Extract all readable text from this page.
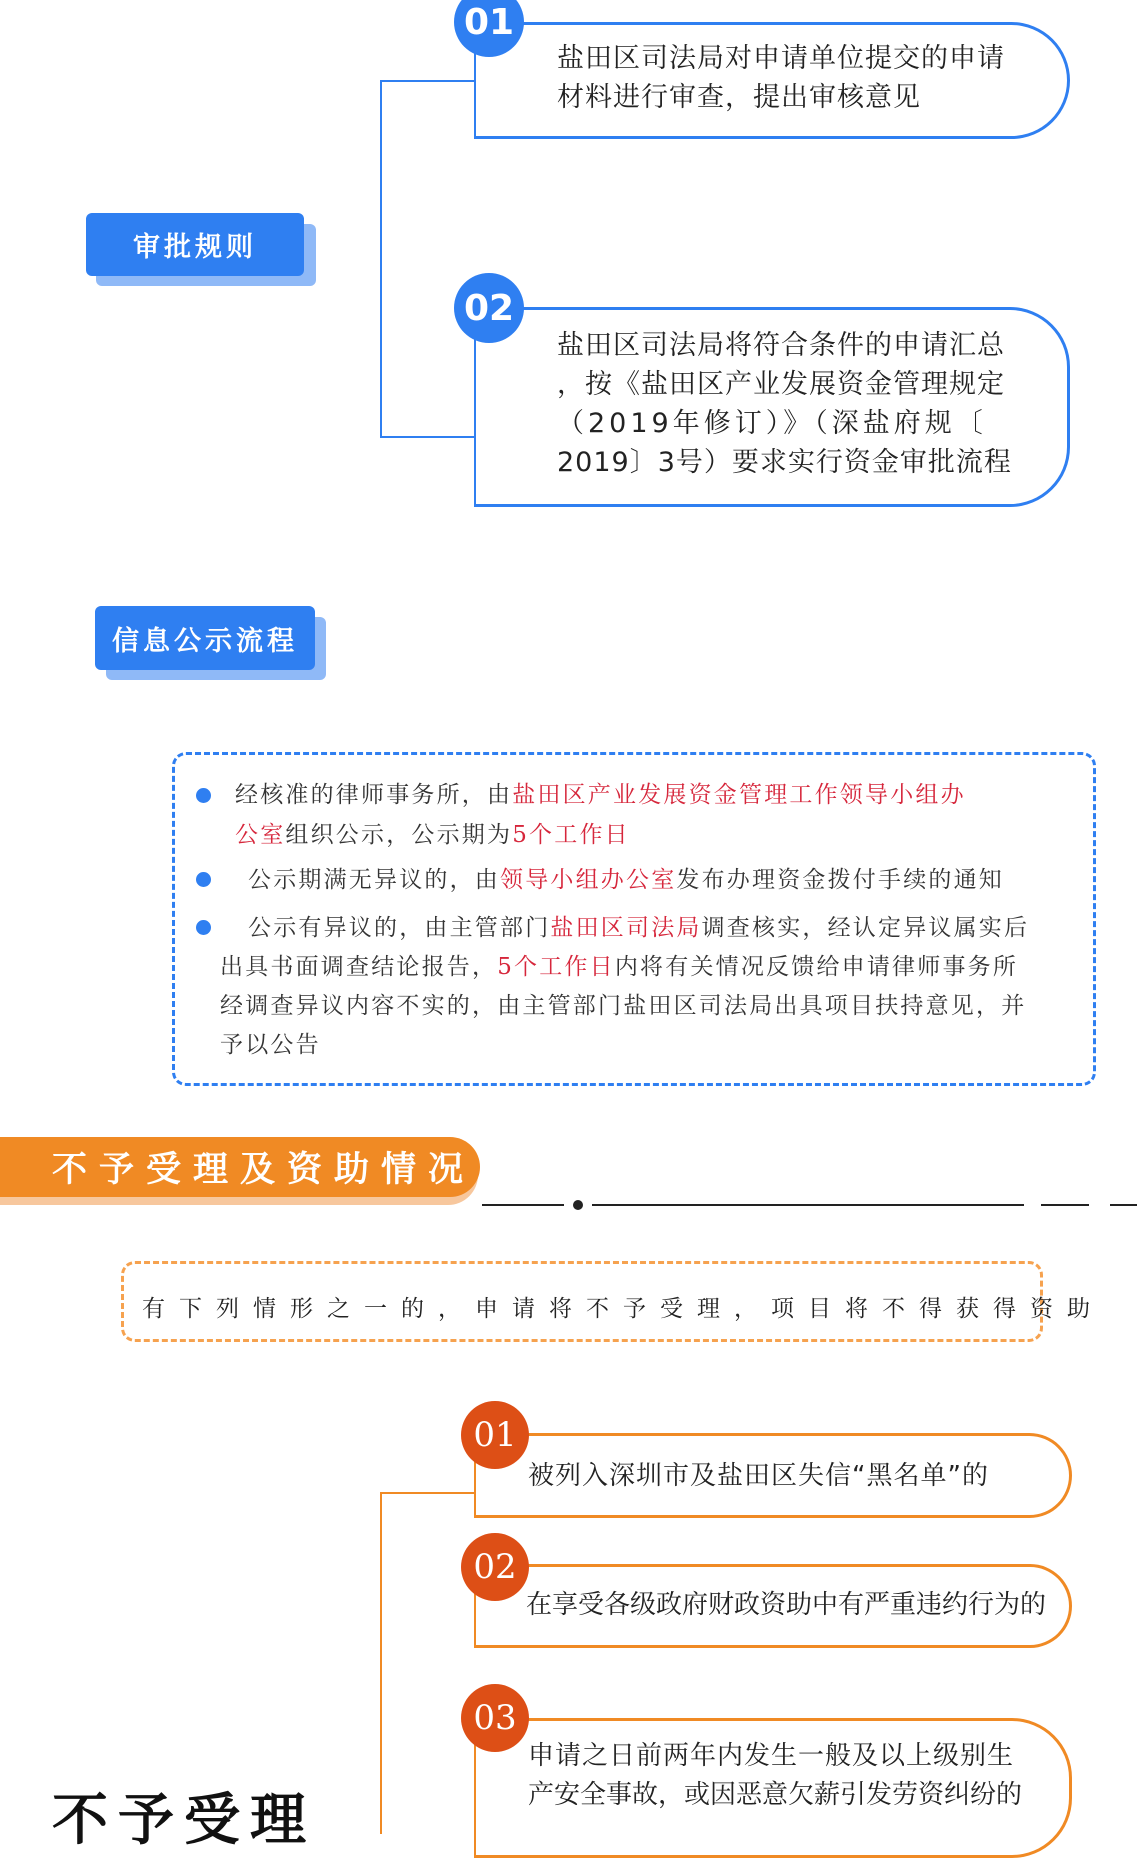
审批规则
01
盐田区司法局对申请单位提交的申请
材料进行审查，提出审核意见
02
盐田区司法局将符合条件的申请汇总
，按《盐田区产业发展资金管理规定
（2019年修订）》（深盐府规〔
2019〕3号）要求实行资金审批流程
信息公示流程
经核准的律师事务所，由盐田区产业发展资金管理工作领导小组办
公室组织公示，公示期为5个工作日
公示期满无异议的，由领导小组办公室发布办理资金拨付手续的通知
公示有异议的，由主管部门盐田区司法局调查核实，经认定异议属实后
出具书面调查结论报告，5个工作日内将有关情况反馈给申请律师事务所
经调查异议内容不实的，由主管部门盐田区司法局出具项目扶持意见，并
予以公告
不予受理及资助情况
有下列情形之一的，申请将不予受理，项目将不得获得资助
01
被列入深圳市及盐田区失信“黑名单”的
02
在享受各级政府财政资助中有严重违约行为的
03
申请之日前两年内发生一般及以上级别生
产安全事故，或因恶意欠薪引发劳资纠纷的
不予受理
